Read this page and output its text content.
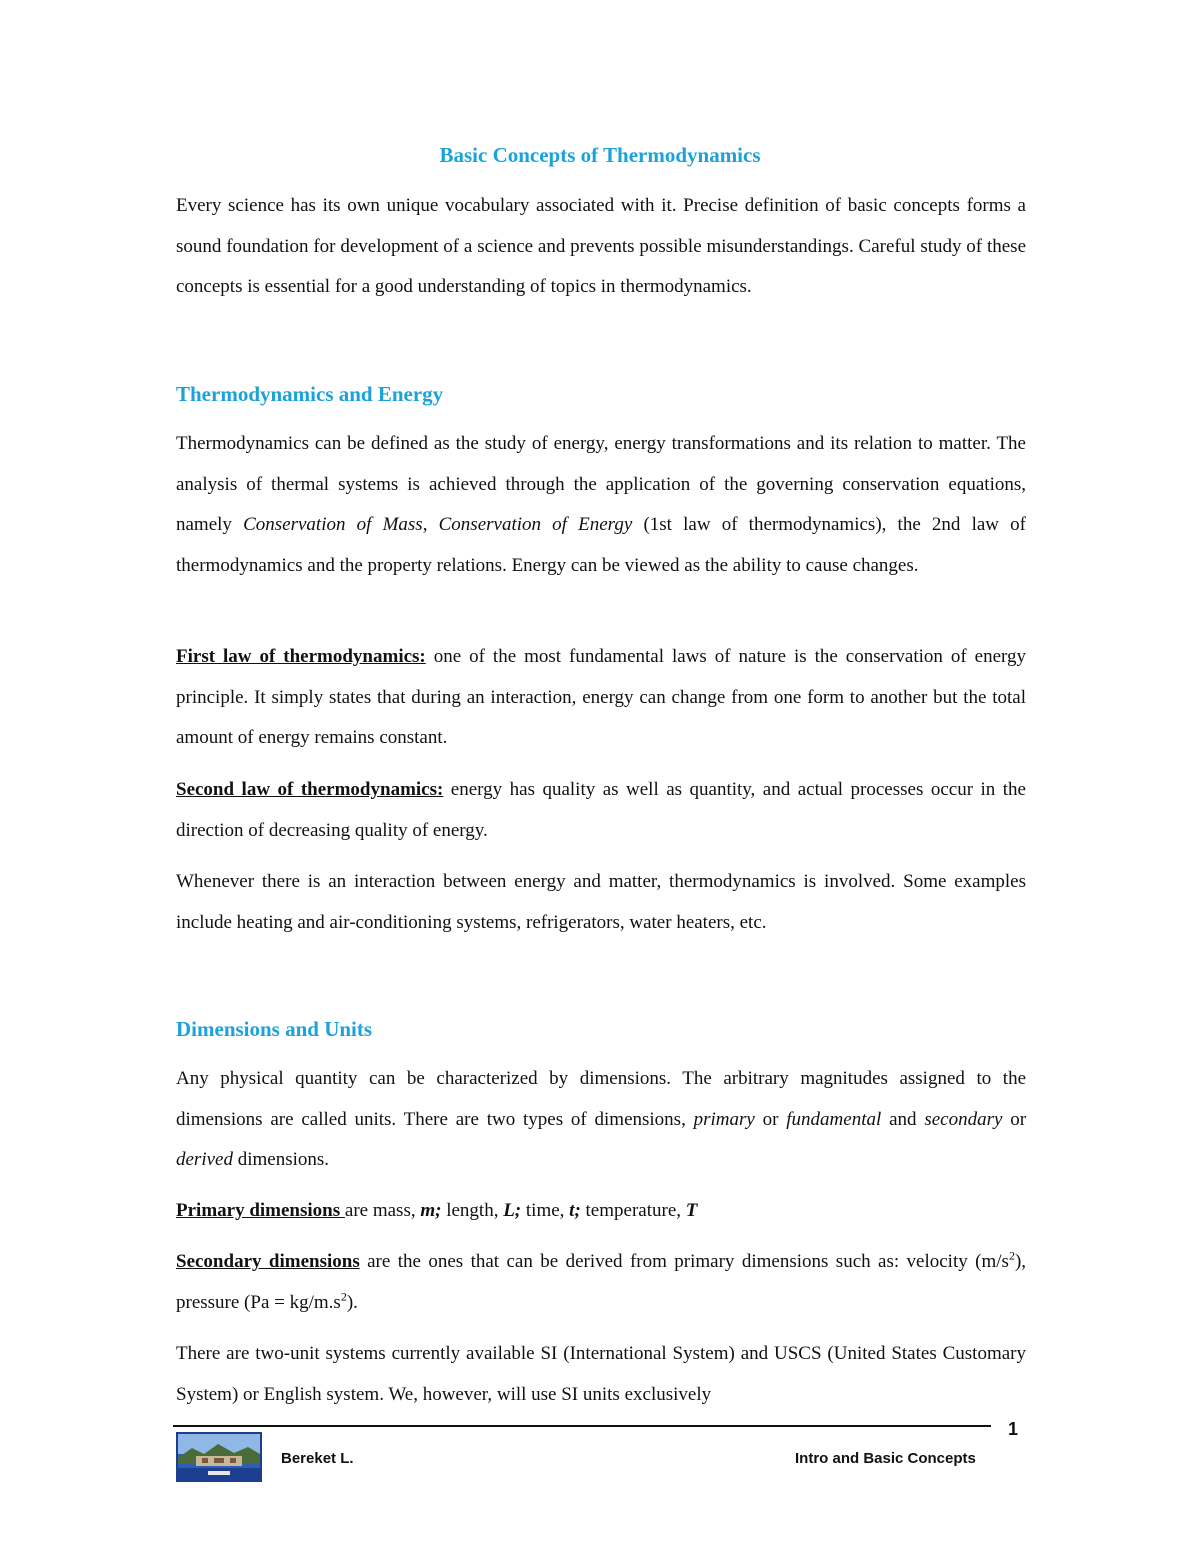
Basic Concepts of Thermodynamics

Every science has its own unique vocabulary associated with it. Precise definition of basic concepts forms a sound foundation for development of a science and prevents possible misunderstandings. Careful study of these concepts is essential for a good understanding of topics in thermodynamics.

Thermodynamics and Energy

Thermodynamics can be defined as the study of energy, energy transformations and its relation to matter. The analysis of thermal systems is achieved through the application of the governing conservation equations, namely Conservation of Mass, Conservation of Energy (1st law of thermodynamics), the 2nd law of thermodynamics and the property relations. Energy can be viewed as the ability to cause changes.

First law of thermodynamics: one of the most fundamental laws of nature is the conservation of energy principle. It simply states that during an interaction, energy can change from one form to another but the total amount of energy remains constant.

Second law of thermodynamics: energy has quality as well as quantity, and actual processes occur in the direction of decreasing quality of energy.

Whenever there is an interaction between energy and matter, thermodynamics is involved. Some examples include heating and air-conditioning systems, refrigerators, water heaters, etc.

Dimensions and Units

Any physical quantity can be characterized by dimensions. The arbitrary magnitudes assigned to the dimensions are called units. There are two types of dimensions, primary or fundamental and secondary or derived dimensions.

Primary dimensions are mass, m; length, L; time, t; temperature, T

Secondary dimensions are the ones that can be derived from primary dimensions such as: velocity $(m/s^2)$, pressure $(Pa = kg/m.s^2)$.

There are two-unit systems currently available SI (International System) and USCS (United States Customary System) or English system. We, however, will use SI units exclusively

1
Bereket L.	Intro and Basic Concepts
